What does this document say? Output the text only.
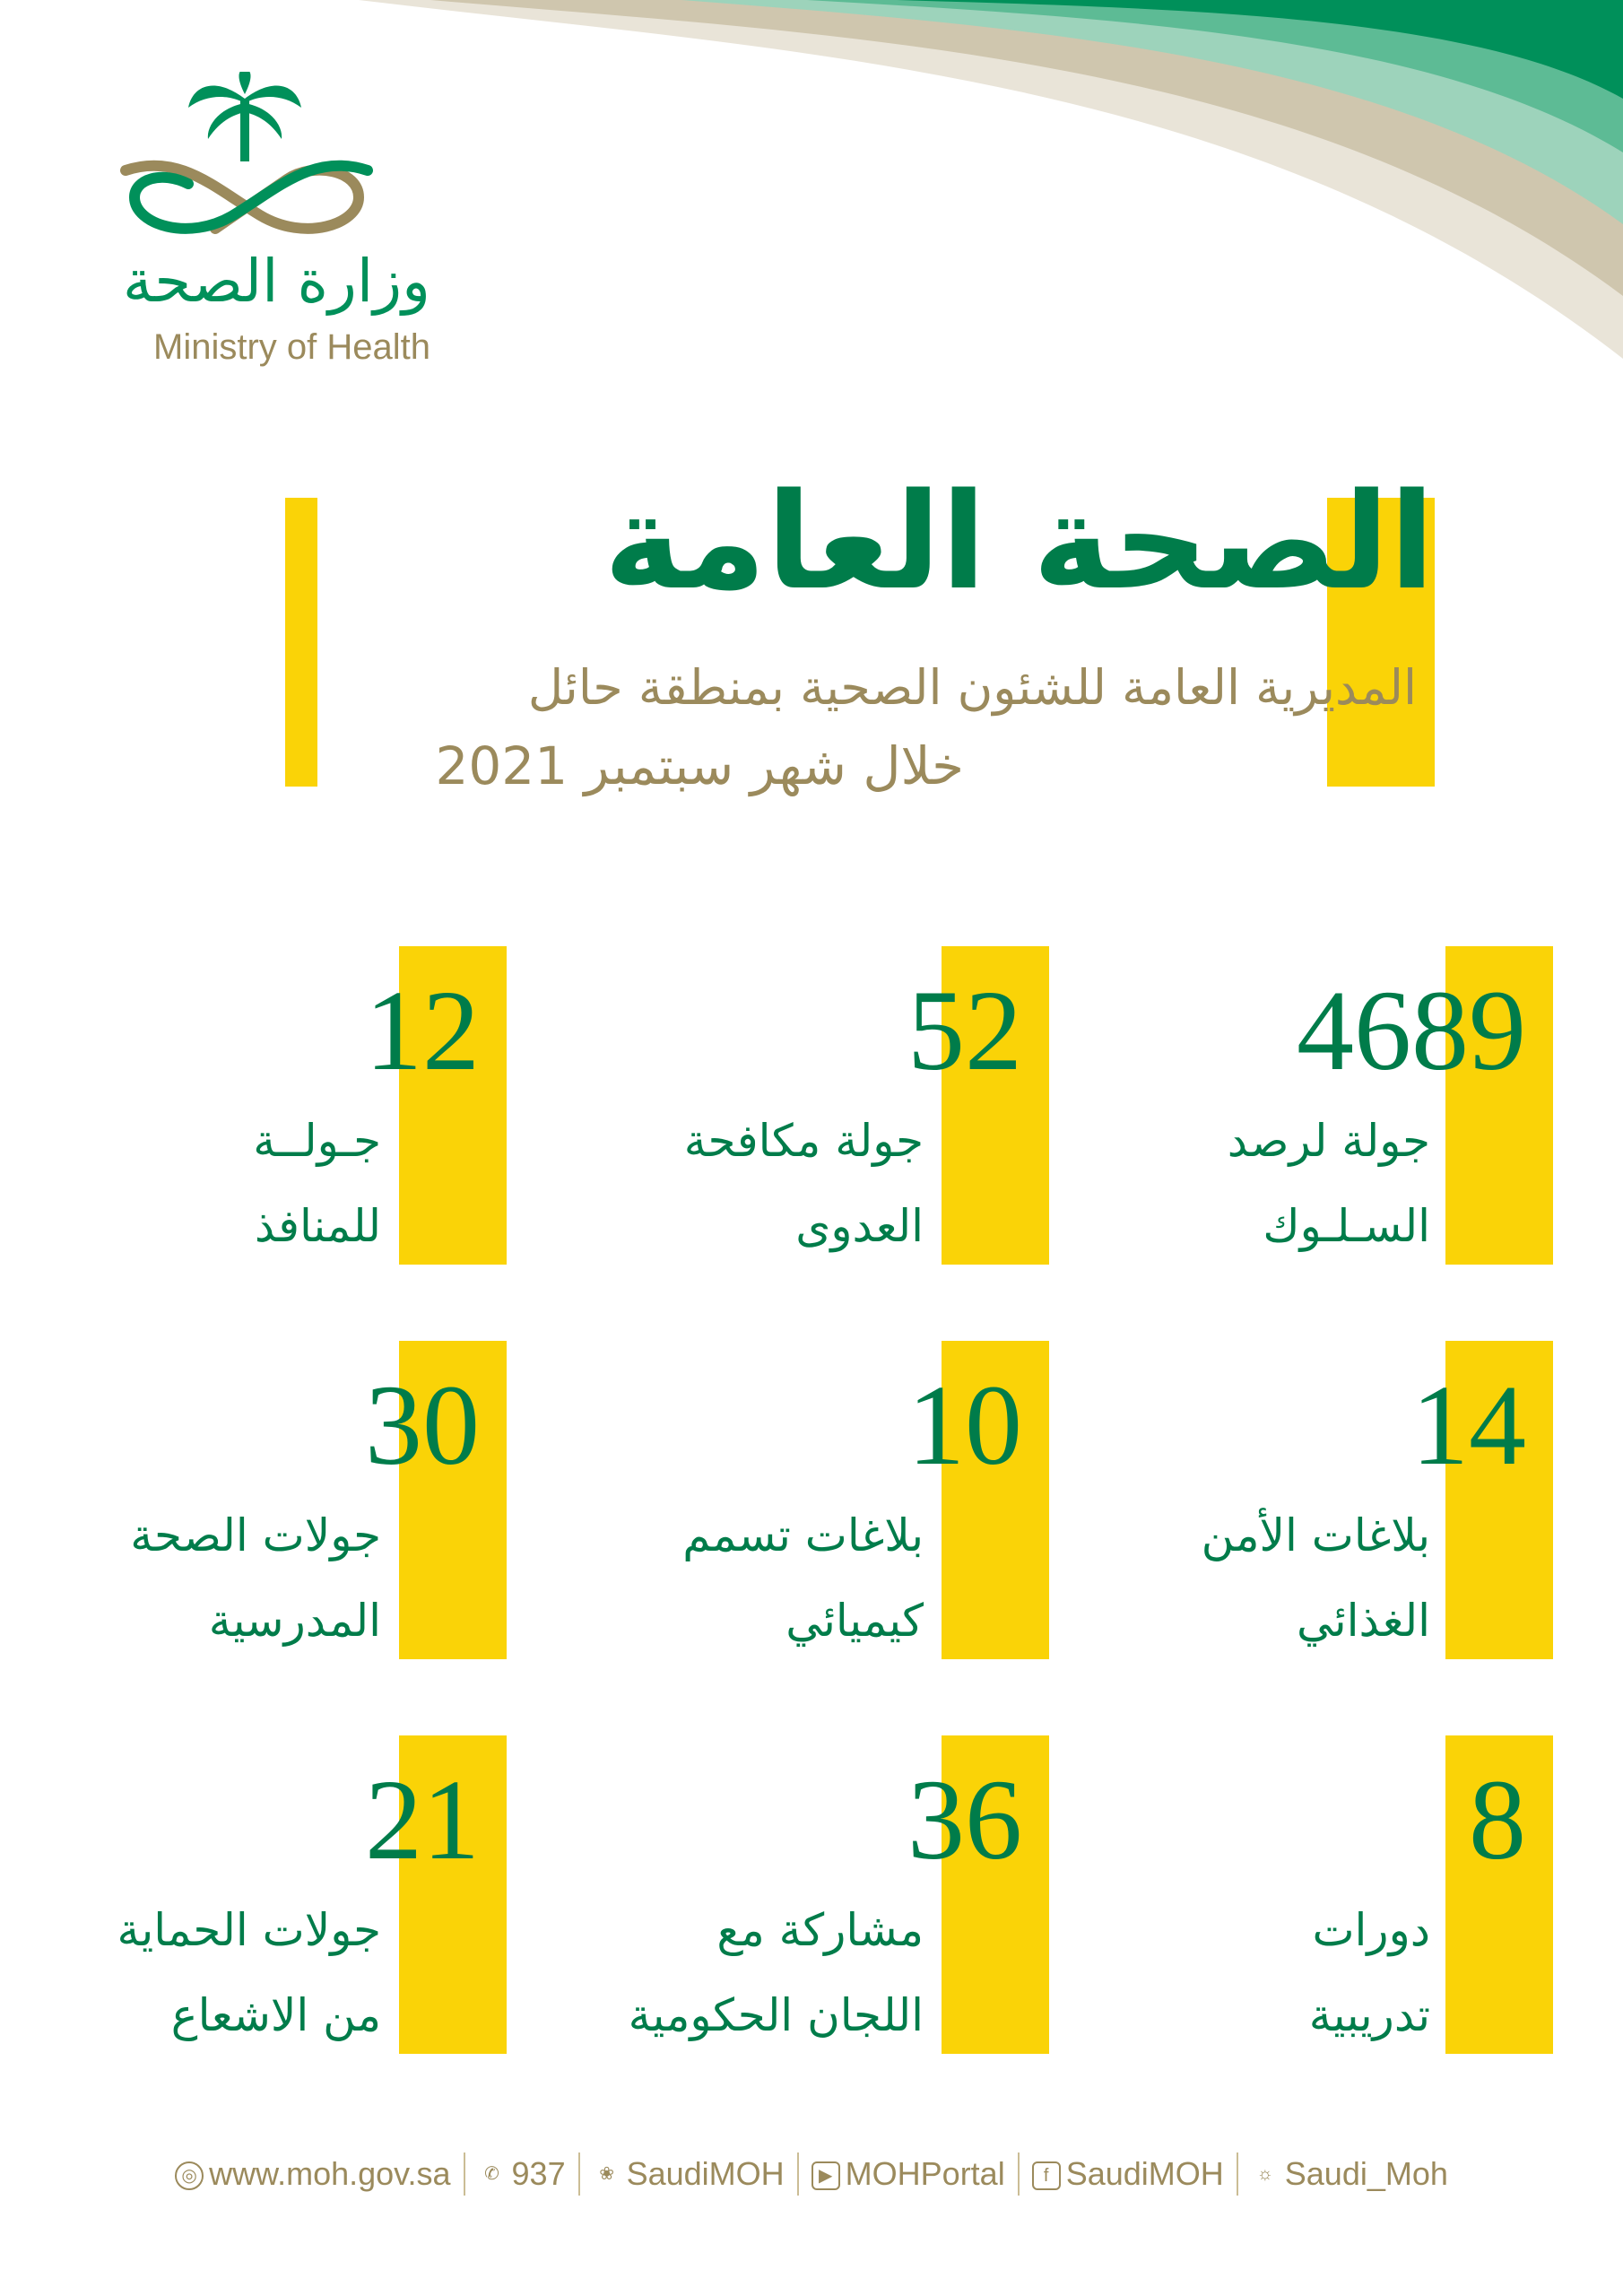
وزارة الصحة
Ministry of Health
الصحة العامة
المديرية العامة للشئون الصحية بمنطقة حائل
خلال شهر سبتمبر 2021
4689
جولة لرصد
السـلـوك
52
جولة مكافحة
العدوى
12
جـولــة
للمنافذ
14
بلاغات الأمن
الغذائي
10
بلاغات تسمم
كيميائي
30
جولات الصحة
المدرسية
8
دورات
تدريبية
36
مشاركة مع
اللجان الحكومية
21
جولات الحماية
من الاشعاع
◎ www.moh.gov.sa ✆ 937 ❀ SaudiMOH ▶ MOHPortal f SaudiMOH ☼ Saudi_Moh
